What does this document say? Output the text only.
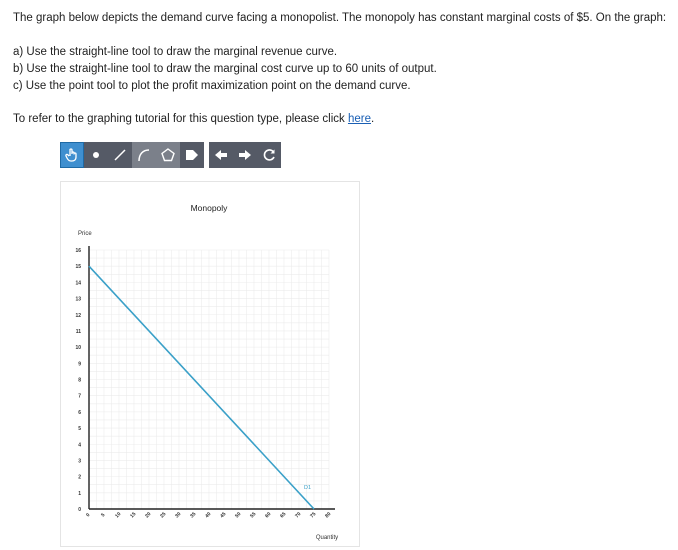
The graph below depicts the demand curve facing a monopolist. The monopoly has constant marginal costs of $5. On the graph:
a) Use the straight-line tool to draw the marginal revenue curve.
b) Use the straight-line tool to draw the marginal cost curve up to 60 units of output.
c) Use the point tool to plot the profit maximization point on the demand curve.
To refer to the graphing tutorial for this question type, please click here.
0
1
2
3
4
5
6
7
8
9
10
11
12
13
14
15
16
0 5 10 15 20 25 30 35 40 45 50 55 60 65 70 75 80
Monopoly
Price
Quantity
D1
